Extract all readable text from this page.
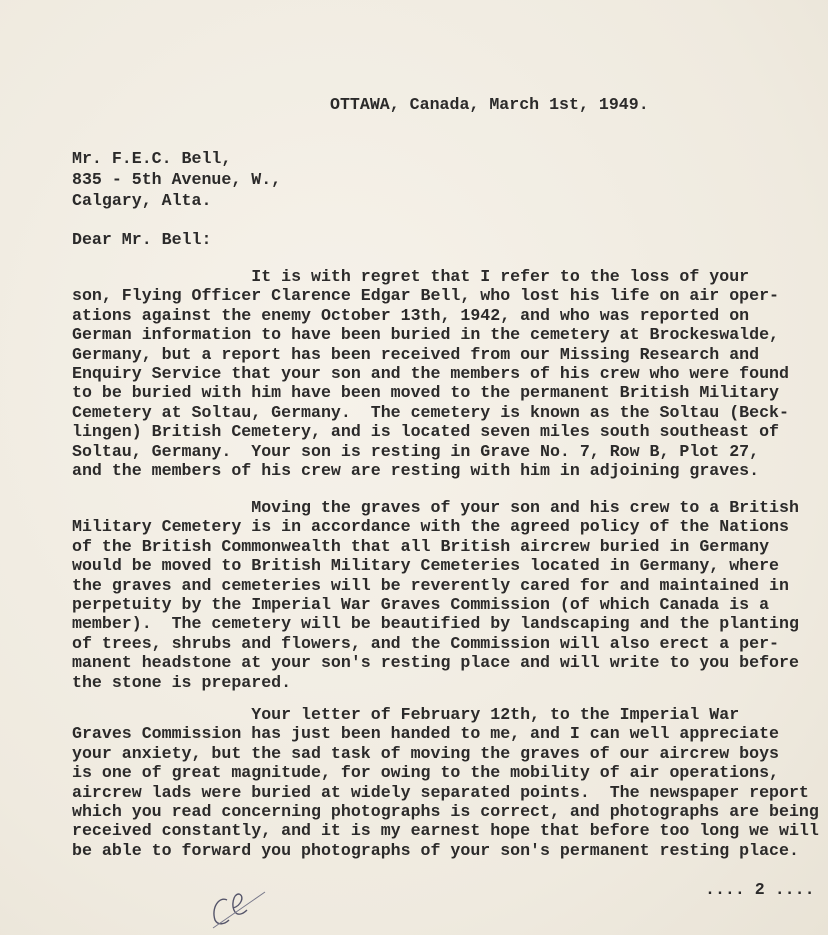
OTTAWA, Canada, March 1st, 1949.
Mr. F.E.C. Bell,
835 - 5th Avenue, W.,
Calgary, Alta.
Dear Mr. Bell:
It is with regret that I refer to the loss of your
son, Flying Officer Clarence Edgar Bell, who lost his life on air oper-
ations against the enemy October 13th, 1942, and who was reported on
German information to have been buried in the cemetery at Brockeswalde,
Germany, but a report has been received from our Missing Research and
Enquiry Service that your son and the members of his crew who were found
to be buried with him have been moved to the permanent British Military
Cemetery at Soltau, Germany.  The cemetery is known as the Soltau (Beck-
lingen) British Cemetery, and is located seven miles south southeast of
Soltau, Germany.  Your son is resting in Grave No. 7, Row B, Plot 27,
and the members of his crew are resting with him in adjoining graves.
Moving the graves of your son and his crew to a British
Military Cemetery is in accordance with the agreed policy of the Nations
of the British Commonwealth that all British aircrew buried in Germany
would be moved to British Military Cemeteries located in Germany, where
the graves and cemeteries will be reverently cared for and maintained in
perpetuity by the Imperial War Graves Commission (of which Canada is a
member).  The cemetery will be beautified by landscaping and the planting
of trees, shrubs and flowers, and the Commission will also erect a per-
manent headstone at your son's resting place and will write to you before
the stone is prepared.
Your letter of February 12th, to the Imperial War
Graves Commission has just been handed to me, and I can well appreciate
your anxiety, but the sad task of moving the graves of our aircrew boys
is one of great magnitude, for owing to the mobility of air operations,
aircrew lads were buried at widely separated points.  The newspaper report
which you read concerning photographs is correct, and photographs are being
received constantly, and it is my earnest hope that before too long we will
be able to forward you photographs of your son's permanent resting place.
.... 2 ....
